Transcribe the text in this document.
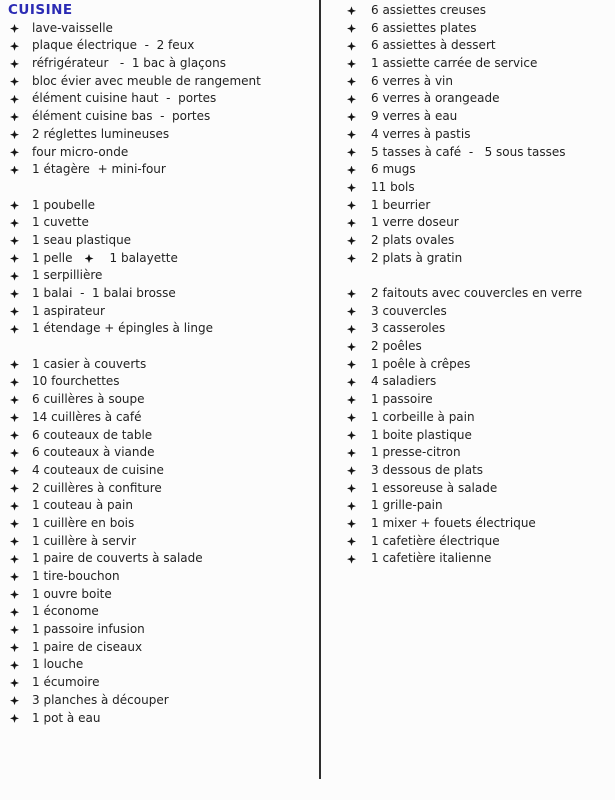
CUISINE
lave-vaisselle
plaque électrique  -  2 feux
réfrigérateur   -  1 bac à glaçons
bloc évier avec meuble de rangement
élément cuisine haut  -  portes
élément cuisine bas  -  portes
2 réglettes lumineuses
four micro-onde
1 étagère  + mini-four
1 poubelle
1 cuvette
1 seau plastique
1 pelle	1 balayette
1 serpillière
1 balai  -  1 balai brosse
1 aspirateur
1 étendage + épingles à linge
1 casier à couverts
10 fourchettes
6 cuillères à soupe
14 cuillères à café
6 couteaux de table
6 couteaux à viande
4 couteaux de cuisine
2 cuillères à confiture
1 couteau à pain
1 cuillère en bois
1 cuillère à servir
1 paire de couverts à salade
1 tire-bouchon
1 ouvre boite
1 économe
1 passoire infusion
1 paire de ciseaux
1 louche
1 écumoire
3 planches à découper
1 pot à eau
6 assiettes creuses
6 assiettes plates
6 assiettes à dessert
1 assiette carrée de service
6 verres à vin
6 verres à orangeade
9 verres à eau
4 verres à pastis
5 tasses à café  -   5 sous tasses
6 mugs
11 bols
1 beurrier
1 verre doseur
2 plats ovales
2 plats à gratin
2 faitouts avec couvercles en verre
3 couvercles
3 casseroles
2 poêles
1 poêle à crêpes
4 saladiers
1 passoire
1 corbeille à pain
1 boite plastique
1 presse-citron
3 dessous de plats
1 essoreuse à salade
1 grille-pain
1 mixer + fouets électrique
1 cafetière électrique
1 cafetière italienne
